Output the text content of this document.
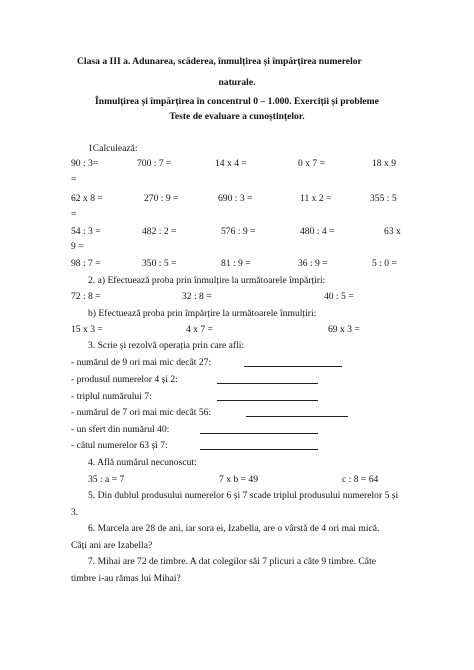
Clasa a III a. Adunarea, scăderea, înmulțirea și împărțirea numerelor
naturale.
Înmulțirea și împărțirea în concentrul 0 – 1.000. Exerciții și probleme
Teste de evaluare a cunoștințelor.
1Calculează:
90 : 3=	700 : 7 =	14 x 4 =	0 x 7 =	18 x 9
=
62 x 8 =	270 : 9 =	690 : 3 =	11 x 2 =	355 : 5
=
54 : 3 =	482 : 2 =	576 : 9 =	480 : 4 =	63 x
9 =
98 : 7 =	350 : 5 =	81 : 9 =	36 : 9 =	5 : 0 =
2. a) Efectuează proba prin înmulțire la următoarele împărțiri:
72 : 8 =	32 : 8 =	40 : 5 =
b) Efectuează proba prin împărțire la următoarele înmulțiri:
15 x 3 =	4 x 7 =	69 x 3 =
3. Scrie și rezolvă operația prin care afli:
- numărul de 9 ori mai mic decât 27:
- produsul numerelor 4 și 2:
- triplul numărului 7:
- numărul de 7 ori mai mic decât 56:
- un sfert din numărul 40:
- câtul numerelor 63 și 7:
4. Află numărul necunoscut:
35 : a = 7	7 x b = 49	c : 8 = 64
5. Din dublul produsului numerelor 6 și 7 scade triplul produsului numerelor 5 și
3.
6. Marcela are 28 de ani, iar sora ei, Izabella, are o vârstă de 4 ori mai mică.
Câți ani are Izabella?
7. Mihai are 72 de timbre. A dat colegilor săi 7 plicuri a câte 9 timbre. Câte
timbre i-au rămas lui Mihai?
